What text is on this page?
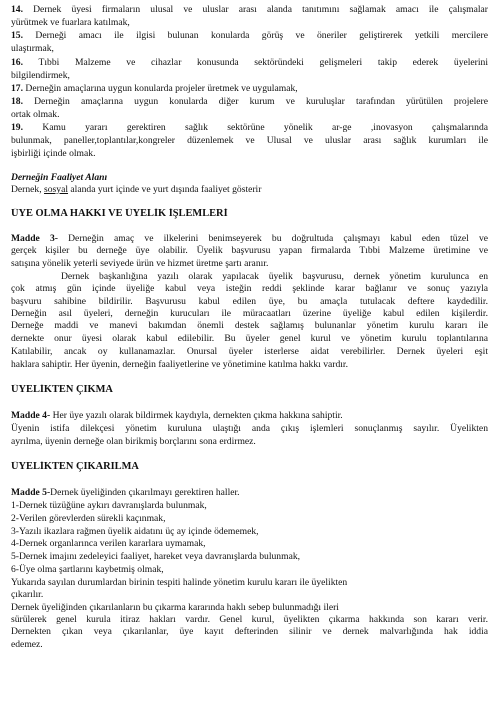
14. Dernek üyesi firmaların ulusal ve uluslar arası alanda tanıtımını sağlamak amacı ile çalışmalar
yürütmek ve fuarlara katılmak,
15. Derneği amacı ile ilgisi bulunan konularda görüş ve öneriler geliştirerek yetkili mercilere
ulaştırmak,
16. Tıbbi Malzeme ve cihazlar konusunda sektöründeki gelişmeleri takip ederek üyelerini
bilgilendirmek,
17. Derneğin amaçlarına uygun konularda projeler üretmek ve uygulamak,
18. Derneğin amaçlarına uygun konularda diğer kurum ve kuruluşlar tarafından yürütülen projelere
ortak olmak.
19. Kamu yararı gerektiren sağlık sektörüne yönelik ar-ge ,inovasyon çalışmalarında
bulunmak, paneller,toplantılar,kongreler düzenlemek ve Ulusal ve uluslar arası sağlık kurumları ile
işbirliği içinde olmak.
Derneğin Faaliyet Alanı
Dernek, sosyal alanda yurt içinde ve yurt dışında faaliyet gösterir
ÜYE OLMA HAKKI VE ÜYELİK İŞLEMLERİ
Madde 3- Derneğin amaç ve ilkelerini benimseyerek bu doğrultuda çalışmayı kabul eden tüzel ve
gerçek kişiler bu derneğe üye olabilir. Üyelik başvurusu yapan firmalarda Tıbbi Malzeme üretimine ve
satışına yönelik yeterli seviyede ürün ve hizmet üretme şartı aranır.
Dernek başkanlığına yazılı olarak yapılacak üyelik başvurusu, dernek yönetim kurulunca en
çok atmış gün içinde üyeliğe kabul veya isteğin reddi şeklinde karar bağlanır ve sonuç yazıyla
başvuru sahibine bildirilir. Başvurusu kabul edilen üye, bu amaçla tutulacak deftere kaydedilir.
Derneğin asıl üyeleri, derneğin kurucuları ile müracaatları üzerine üyeliğe kabul edilen kişilerdir.
Derneğe maddi ve manevi bakımdan önemli destek sağlamış bulunanlar yönetim kurulu kararı ile
dernekte onur üyesi olarak kabul edilebilir. Bu üyeler genel kurul ve yönetim kurulu toplantılarına
Katılabilir, ancak oy kullanamazlar. Onursal üyeler isterlerse aidat verebilirler. Dernek üyeleri eşit
haklara sahiptir. Her üyenin, derneğin faaliyetlerine ve yönetimine katılma hakkı vardır.
ÜYELİKTEN ÇIKMA
Madde 4- Her üye yazılı olarak bildirmek kaydıyla, dernekten çıkma hakkına sahiptir.
Üyenin istifa dilekçesi yönetim kuruluna ulaştığı anda çıkış işlemleri sonuçlanmış sayılır. Üyelikten
ayrılma, üyenin derneğe olan birikmiş borçlarını sona erdirmez.
ÜYELİKTEN ÇIKARILMA
Madde 5-Dernek üyeliğinden çıkarılmayı gerektiren haller.
1-Dernek tüzüğüne aykırı davranışlarda bulunmak,
2-Verilen görevlerden sürekli kaçınmak,
3-Yazılı ikazlara rağmen üyelik aidatını üç ay içinde ödememek,
4-Dernek organlarınca verilen kararlara uymamak,
5-Dernek imajını zedeleyici faaliyet, hareket veya davranışlarda bulunmak,
6-Üye olma şartlarını kaybetmiş olmak,
Yukarıda sayılan durumlardan birinin tespiti halinde yönetim kurulu kararı ile üyelikten
çıkarılır.
Dernek üyeliğinden çıkarılanların bu çıkarma kararında haklı sebep bulunmadığı ileri
sürülerek genel kurula itiraz hakları vardır. Genel kurul, üyelikten çıkarma hakkında son kararı verir.
Dernekten çıkan veya çıkarılanlar, üye kayıt defterinden silinir ve dernek malvarlığında hak iddia
edemez.
